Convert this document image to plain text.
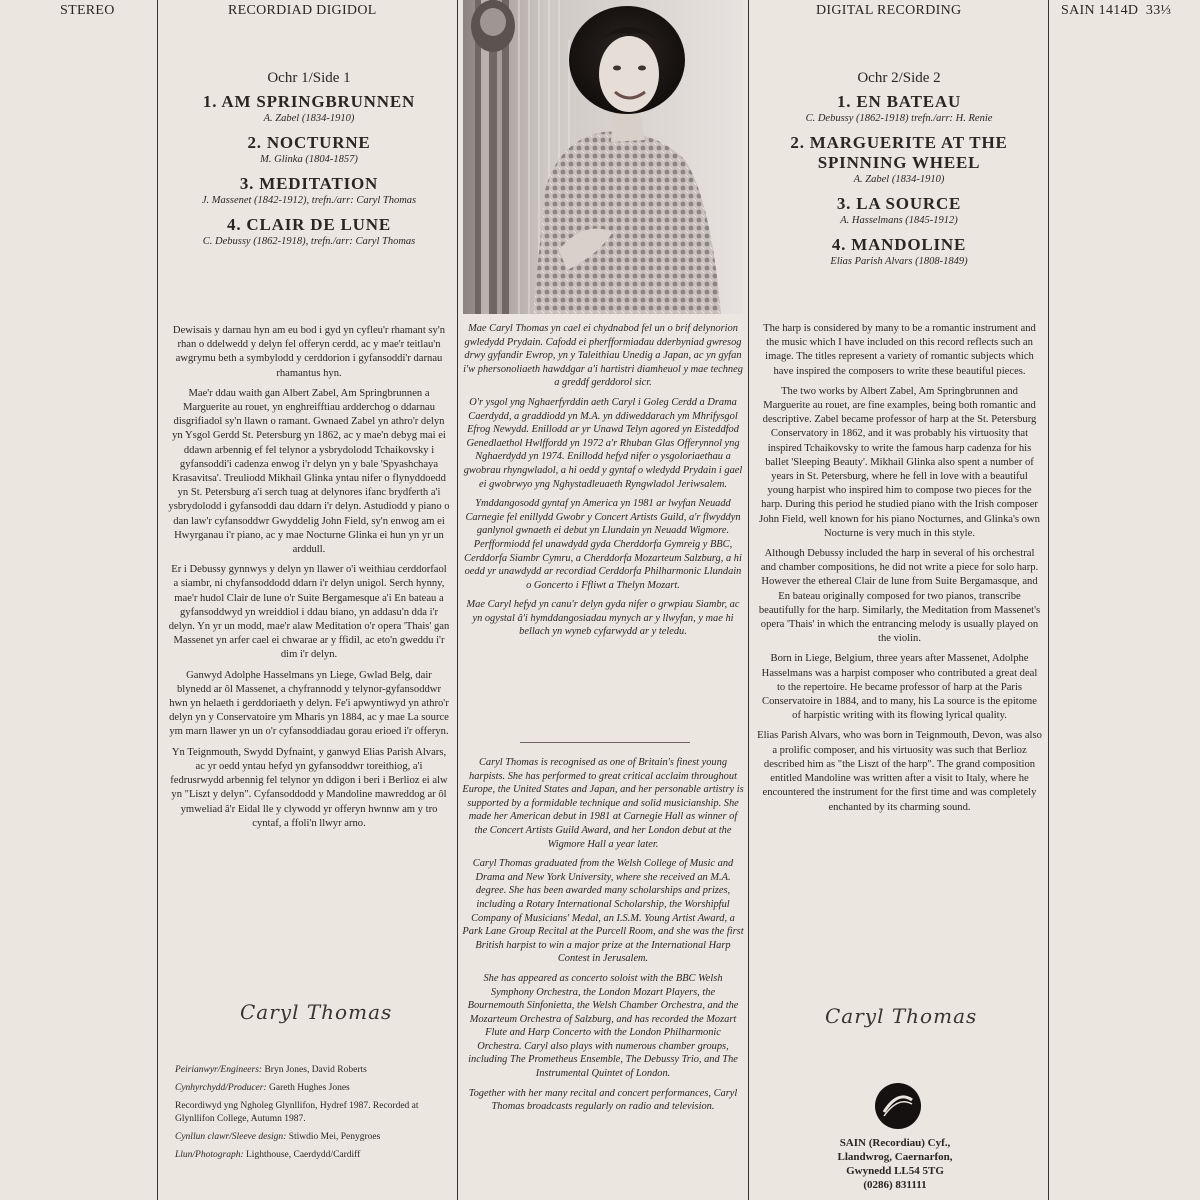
STEREO	RECORDIAD DIGIDOL	DIGITAL RECORDING	SAIN 1414D 33⅓
Ochr 1/Side 1
1. AM SPRINGBRUNNEN
A. Zabel (1834-1910)
2. NOCTURNE
M. Glinka (1804-1857)
3. MEDITATION
J. Massenet (1842-1912), trefn./arr: Caryl Thomas
4. CLAIR DE LUNE
C. Debussy (1862-1918), trefn./arr: Caryl Thomas
Ochr 2/Side 2
1. EN BATEAU
C. Debussy (1862-1918) trefn./arr: H. Renie
2. MARGUERITE AT THE SPINNING WHEEL
A. Zabel (1834-1910)
3. LA SOURCE
A. Hasselmans (1845-1912)
4. MANDOLINE
Elias Parish Alvars (1808-1849)

Dewisais y darnau hyn am eu bod i gyd yn cyfleu'r rhamant sy'n rhan o ddelwedd y delyn fel offeryn cerdd, ac y mae'r teitlau'n awgrymu beth a symbylodd y cerddorion i gyfansoddi'r darnau rhamantus hyn.

Mae'r ddau waith gan Albert Zabel, Am Springbrunnen a Marguerite au rouet, yn enghreifftiau ardderchog o ddarnau disgrifiadol sy'n llawn o ramant. Gwnaed Zabel yn athro'r delyn yn Ysgol Gerdd St. Petersburg yn 1862, ac y mae'n debyg mai ei ddawn arbennig ef fel telynor a ysbrydolodd Tchaikovsky i gyfansoddi'i cadenza enwog i'r delyn yn y bale 'Spyashchaya Krasavitsa'. Treuliodd Mikhail Glinka yntau nifer o flynyddoedd yn St. Petersburg a'i serch tuag at delynores ifanc brydferth a'i ysbrydolodd i gyfansoddi dau ddarn i'r delyn. Astudiodd y piano o dan law'r cyfansoddwr Gwyddelig John Field, sy'n enwog am ei Hwyrganau i'r piano, ac y mae Nocturne Glinka ei hun yn yr un arddull.

Er i Debussy gynnwys y delyn yn llawer o'i weithiau cerddorfaol a siambr, ni chyfansoddodd ddarn i'r delyn unigol. Serch hynny, mae'r hudol Clair de lune o'r Suite Bergamesque a'i En bateau a gyfansoddwyd yn wreiddiol i ddau biano, yn addasu'n dda i'r delyn. Yn yr un modd, mae'r alaw Meditation o'r opera 'Thais' gan Massenet yn arfer cael ei chwarae ar y ffidil, ac eto'n gweddu i'r dim i'r delyn.

Ganwyd Adolphe Hasselmans yn Liege, Gwlad Belg, dair blynedd ar ôl Massenet, a chyfrannodd y telynor-gyfansoddwr hwn yn helaeth i gerddoriaeth y delyn. Fe'i apwyntiwyd yn athro'r delyn yn y Conservatoire ym Mharis yn 1884, ac y mae La source ym marn llawer yn un o'r cyfansoddiadau gorau erioed i'r offeryn.

Yn Teignmouth, Swydd Dyfnaint, y ganwyd Elias Parish Alvars, ac yr oedd yntau hefyd yn gyfansoddwr toreithiog, a'i fedrusrwydd arbennig fel telynor yn ddigon i beri i Berlioz ei alw yn "Liszt y delyn". Cyfansoddodd y Mandoline mawreddog ar ôl ymweliad â'r Eidal lle y clywodd yr offeryn hwnnw am y tro cyntaf, a ffoli'n llwyr arno.

Caryl Thomas

Peirianwyr/Engineers: Bryn Jones, David Roberts

Cynhyrchydd/Producer: Gareth Hughes Jones

Recordiwyd yng Ngholeg Glynllifon, Hydref 1987. Recorded at Glynllifon College, Autumn 1987.

Cynllun clawr/Sleeve design: Stiwdio Mei, Penygroes

Llun/Photograph: Lighthouse, Caerdydd/Cardiff

Mae Caryl Thomas yn cael ei chydnabod fel un o brif delynorion gwledydd Prydain. Cafodd ei pherfformiadau dderbyniad gwresog drwy gyfandir Ewrop, yn y Taleithiau Unedig a Japan, ac yn gyfan i'w phersonoliaeth hawddgar a'i hartistri diamheuol y mae techneg a greddf gerddorol sicr.

O'r ysgol yng Nghaerfyrddin aeth Caryl i Goleg Cerdd a Drama Caerdydd, a graddiodd yn M.A. yn ddiweddarach ym Mhrifysgol Efrog Newydd. Enillodd ar yr Unawd Telyn agored yn Eisteddfod Genedlaethol Hwlffordd yn 1972 a'r Rhuban Glas Offerynnol yng Nghaerdydd yn 1974. Enillodd hefyd nifer o ysgoloriaethau a gwobrau rhyngwladol, a hi oedd y gyntaf o wledydd Prydain i gael ei gwobrwyo yng Nghystadleuaeth Ryngwladol Jeriwsalem.

Ymddangosodd gyntaf yn America yn 1981 ar lwyfan Neuadd Carnegie fel enillydd Gwobr y Concert Artists Guild, a'r flwyddyn ganlynol gwnaeth ei debut yn Llundain yn Neuadd Wigmore. Perfformiodd fel unawdydd gyda Cherddorfa Gymreig y BBC, Cerddorfa Siambr Cymru, a Cherddorfa Mozarteum Salzburg, a hi oedd yr unawdydd ar recordiad Cerddorfa Philharmonic Llundain o Goncerto i Ffliwt a Thelyn Mozart.

Mae Caryl hefyd yn canu'r delyn gyda nifer o grwpiau Siambr, ac yn ogystal â'i hymddangosiadau mynych ar y llwyfan, y mae hi bellach yn wyneb cyfarwydd ar y teledu.

Caryl Thomas is recognised as one of Britain's finest young harpists. She has performed to great critical acclaim throughout Europe, the United States and Japan, and her personable artistry is supported by a formidable technique and solid musicianship. She made her American debut in 1981 at Carnegie Hall as winner of the Concert Artists Guild Award, and her London debut at the Wigmore Hall a year later.

Caryl Thomas graduated from the Welsh College of Music and Drama and New York University, where she received an M.A. degree. She has been awarded many scholarships and prizes, including a Rotary International Scholarship, the Worshipful Company of Musicians' Medal, an I.S.M. Young Artist Award, a Park Lane Group Recital at the Purcell Room, and she was the first British harpist to win a major prize at the International Harp Contest in Jerusalem.

She has appeared as concerto soloist with the BBC Welsh Symphony Orchestra, the London Mozart Players, the Bournemouth Sinfonietta, the Welsh Chamber Orchestra, and the Mozarteum Orchestra of Salzburg, and has recorded the Mozart Flute and Harp Concerto with the London Philharmonic Orchestra. Caryl also plays with numerous chamber groups, including The Prometheus Ensemble, The Debussy Trio, and The Instrumental Quintet of London.

Together with her many recital and concert performances, Caryl Thomas broadcasts regularly on radio and television.

The harp is considered by many to be a romantic instrument and the music which I have included on this record reflects such an image. The titles represent a variety of romantic subjects which have inspired the composers to write these beautiful pieces.

The two works by Albert Zabel, Am Springbrunnen and Marguerite au rouet, are fine examples, being both romantic and descriptive. Zabel became professor of harp at the St. Petersburg Conservatory in 1862, and it was probably his virtuosity that inspired Tchaikovsky to write the famous harp cadenza for his ballet 'Sleeping Beauty'. Mikhail Glinka also spent a number of years in St. Petersburg, where he fell in love with a beautiful young harpist who inspired him to compose two pieces for the harp. During this period he studied piano with the Irish composer John Field, well known for his piano Nocturnes, and Glinka's own Nocturne is very much in this style.

Although Debussy included the harp in several of his orchestral and chamber compositions, he did not write a piece for solo harp. However the ethereal Clair de lune from Suite Bergamasque, and En bateau originally composed for two pianos, transcribe beautifully for the harp. Similarly, the Meditation from Massenet's opera 'Thais' in which the entrancing melody is usually played on the violin.

Born in Liege, Belgium, three years after Massenet, Adolphe Hasselmans was a harpist composer who contributed a great deal to the repertoire. He became professor of harp at the Paris Conservatoire in 1884, and to many, his La source is the epitome of harpistic writing with its flowing lyrical quality.

Elias Parish Alvars, who was born in Teignmouth, Devon, was also a prolific composer, and his virtuosity was such that Berlioz described him as "the Liszt of the harp". The grand composition entitled Mandoline was written after a visit to Italy, where he encountered the instrument for the first time and was completely enchanted by its charming sound.

Caryl Thomas
SAIN (Recordiau) Cyf.,
Llandwrog, Caernarfon,
Gwynedd LL54 5TG
(0286) 831111
